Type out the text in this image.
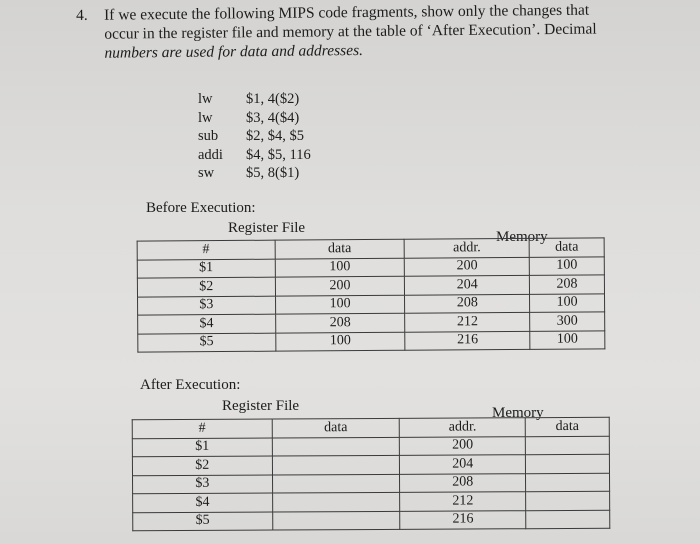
4. If we execute the following MIPS code fragments, show only the changes that
occur in the register file and memory at the table of ‘After Execution’. Decimal
numbers are used for data and addresses.
lw	$1, 4($2)
lw	$3, 4($4)
sub	$2, $4, $5
addi	$4, $5, 116
sw	$5, 8($1)
Before Execution:
Register File
Memory
#	data	addr.	data
$1	100	200	100
$2	200	204	208
$3	100	208	100
$4	208	212	300
$5	100	216	100
After Execution:
Register File	Memory
#	data	addr.	data
$1		200	
$2		204	
$3		208	
$4		212	
$5		216	
